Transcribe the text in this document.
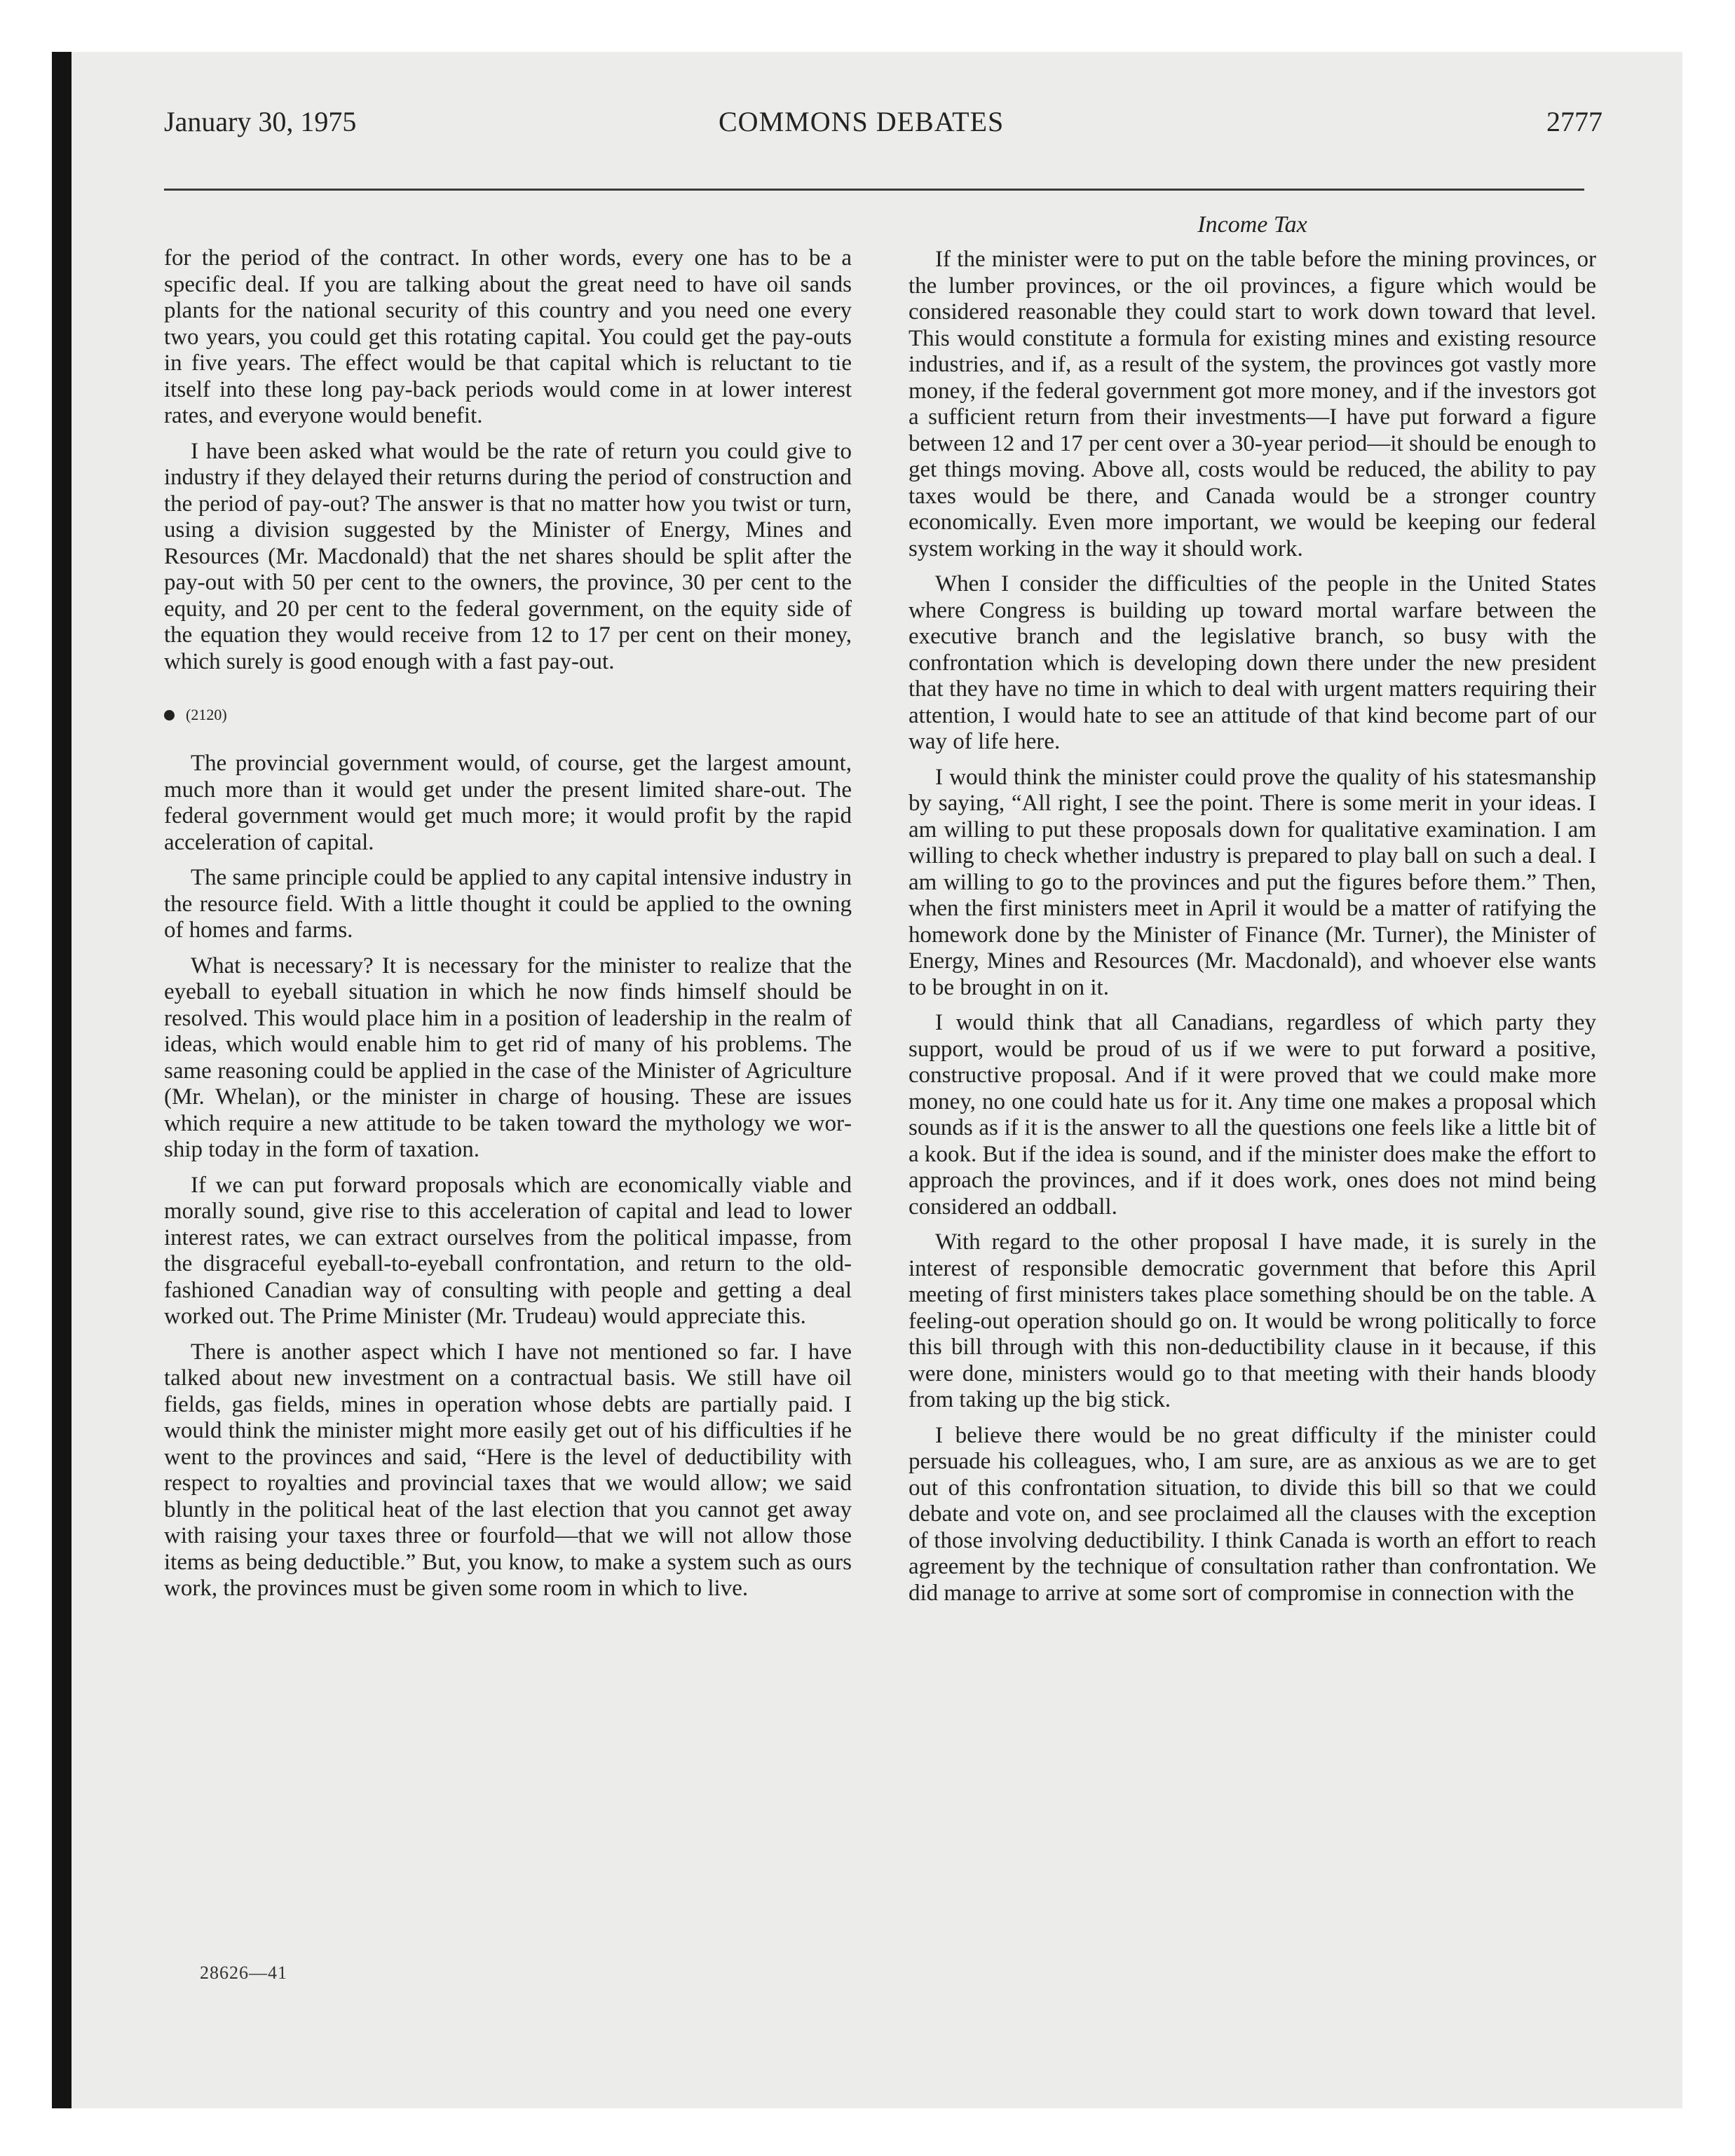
January 30, 1975	COMMONS DEBATES	2777

for the period of the contract. In other words, every one has to be a specific deal. If you are talking about the great need to have oil sands plants for the national security of this country and you need one every two years, you could get this rotating capital. You could get the pay-outs in five years. The effect would be that capital which is reluctant to tie itself into these long pay-back periods would come in at lower interest rates, and everyone would benefit.

I have been asked what would be the rate of return you could give to industry if they delayed their returns during the period of construction and the period of pay-out? The answer is that no matter how you twist or turn, using a division suggested by the Minister of Energy, Mines and Resources (Mr. Macdonald) that the net shares should be split after the pay-out with 50 per cent to the owners, the province, 30 per cent to the equity, and 20 per cent to the federal government, on the equity side of the equation they would receive from 12 to 17 per cent on their money, which surely is good enough with a fast pay-out.

(2120)

The provincial government would, of course, get the largest amount, much more than it would get under the present limited share-out. The federal government would get much more; it would profit by the rapid acceleration of capital.

The same principle could be applied to any capital intensive industry in the resource field. With a little thought it could be applied to the owning of homes and farms.

What is necessary? It is necessary for the minister to realize that the eyeball to eyeball situation in which he now finds himself should be resolved. This would place him in a position of leadership in the realm of ideas, which would enable him to get rid of many of his problems. The same reasoning could be applied in the case of the Minister of Agriculture (Mr. Whelan), or the minister in charge of housing. These are issues which require a new attitude to be taken toward the mythology we worship today in the form of taxation.

If we can put forward proposals which are economically viable and morally sound, give rise to this acceleration of capital and lead to lower interest rates, we can extract ourselves from the political impasse, from the disgraceful eyeball-to-eyeball confrontation, and return to the old-fashioned Canadian way of consulting with people and getting a deal worked out. The Prime Minister (Mr. Trudeau) would appreciate this.

There is another aspect which I have not mentioned so far. I have talked about new investment on a contractual basis. We still have oil fields, gas fields, mines in operation whose debts are partially paid. I would think the minister might more easily get out of his difficulties if he went to the provinces and said, “Here is the level of deductibility with respect to royalties and provincial taxes that we would allow; we said bluntly in the political heat of the last election that you cannot get away with raising your taxes three or fourfold—that we will not allow those items as being deductible.” But, you know, to make a system such as ours work, the provinces must be given some room in which to live.

Income Tax

If the minister were to put on the table before the mining provinces, or the lumber provinces, or the oil provinces, a figure which would be considered reasonable they could start to work down toward that level. This would constitute a formula for existing mines and existing resource industries, and if, as a result of the system, the provinces got vastly more money, if the federal government got more money, and if the investors got a sufficient return from their investments—I have put forward a figure between 12 and 17 per cent over a 30-year period—it should be enough to get things moving. Above all, costs would be reduced, the ability to pay taxes would be there, and Canada would be a stronger country economically. Even more important, we would be keeping our federal system working in the way it should work.

When I consider the difficulties of the people in the United States where Congress is building up toward mortal warfare between the executive branch and the legislative branch, so busy with the confrontation which is developing down there under the new president that they have no time in which to deal with urgent matters requiring their attention, I would hate to see an attitude of that kind become part of our way of life here.

I would think the minister could prove the quality of his statesmanship by saying, “All right, I see the point. There is some merit in your ideas. I am willing to put these proposals down for qualitative examination. I am willing to check whether industry is prepared to play ball on such a deal. I am willing to go to the provinces and put the figures before them.” Then, when the first ministers meet in April it would be a matter of ratifying the homework done by the Minister of Finance (Mr. Turner), the Minister of Energy, Mines and Resources (Mr. Macdonald), and whoever else wants to be brought in on it.

I would think that all Canadians, regardless of which party they support, would be proud of us if we were to put forward a positive, constructive proposal. And if it were proved that we could make more money, no one could hate us for it. Any time one makes a proposal which sounds as if it is the answer to all the questions one feels like a little bit of a kook. But if the idea is sound, and if the minister does make the effort to approach the provinces, and if it does work, ones does not mind being considered an oddball.

With regard to the other proposal I have made, it is surely in the interest of responsible democratic government that before this April meeting of first ministers takes place something should be on the table. A feeling-out operation should go on. It would be wrong politically to force this bill through with this non-deductibility clause in it because, if this were done, ministers would go to that meeting with their hands bloody from taking up the big stick.

I believe there would be no great difficulty if the minister could persuade his colleagues, who, I am sure, are as anxious as we are to get out of this confrontation situation, to divide this bill so that we could debate and vote on, and see proclaimed all the clauses with the exception of those involving deductibility. I think Canada is worth an effort to reach agreement by the technique of consultation rather than confrontation. We did manage to arrive at some sort of compromise in connection with the

28626—41
